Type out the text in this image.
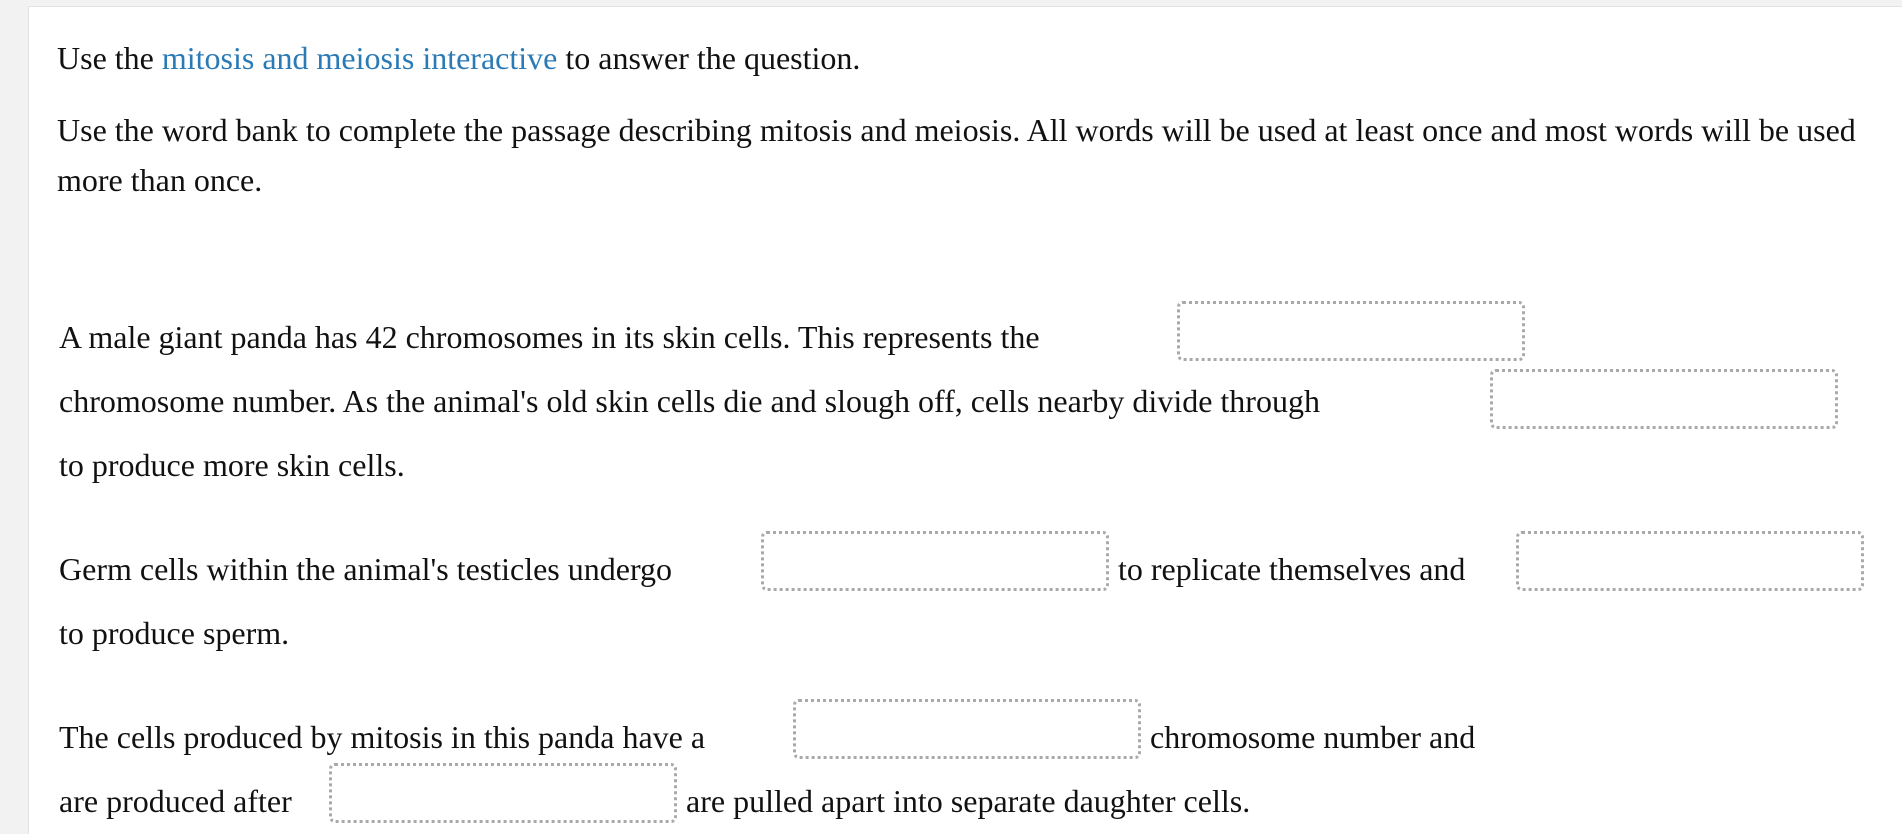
Use the mitosis and meiosis interactive to answer the question.

Use the word bank to complete the passage describing mitosis and meiosis. All words will be used at least once and most words will be used more than once.

A male giant panda has 42 chromosomes in its skin cells. This represents the

chromosome number. As the animal's old skin cells die and slough off, cells nearby divide through

to produce more skin cells.

Germ cells within the animal's testicles undergo	to replicate themselves and

to produce sperm.

The cells produced by mitosis in this panda have a	chromosome number and

are produced after	are pulled apart into separate daughter cells.
